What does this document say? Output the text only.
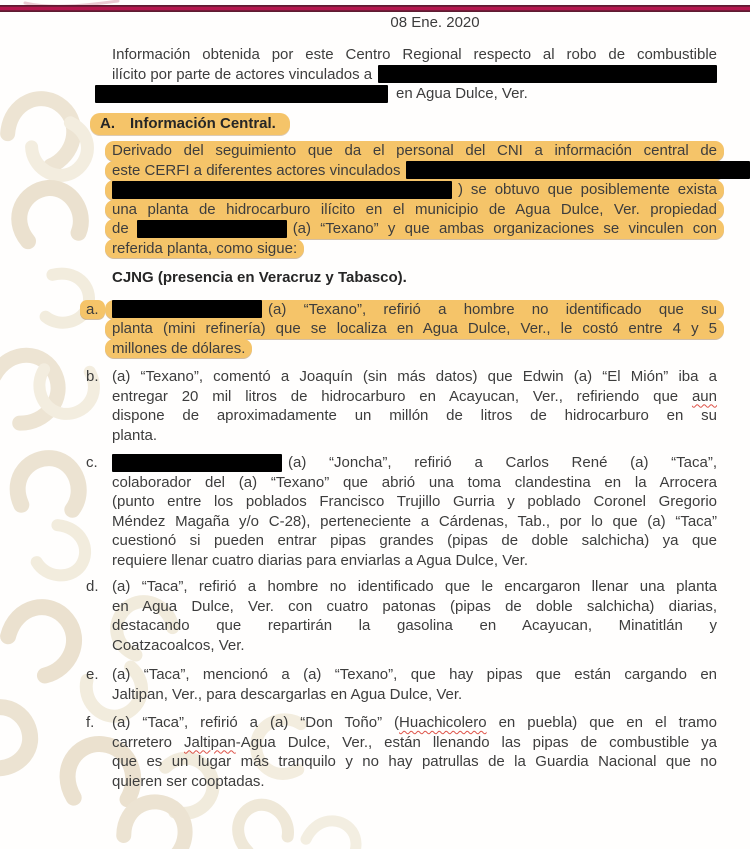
08 Ene. 2020
Información obtenida por este Centro Regional respecto al robo de combustible
ilícito por parte de actores vinculados a
en Agua Dulce, Ver.
A.	Información Central.
Derivado del seguimiento que da el personal del CNI a información central de
este CERFI a diferentes actores vinculados
) se obtuvo que posiblemente exista
una planta de hidrocarburo ilícito en el municipio de Agua Dulce, Ver. propiedad
de	(a) “Texano” y que ambas organizaciones se vinculen con
referida planta, como sigue:
CJNG (presencia en Veracruz y Tabasco).
a.	(a) “Texano”, refirió a hombre no identificado que su
planta (mini refinería) que se localiza en Agua Dulce, Ver., le costó entre 4 y 5
millones de dólares.
b. (a) “Texano”, comentó a Joaquín (sin más datos) que Edwin (a) “El Mión” iba a
entregar 20 mil litros de hidrocarburo en Acayucan, Ver., refiriendo que aun
dispone de aproximadamente un millón de litros de hidrocarburo en su
planta.
c.	(a) “Joncha”, refirió a Carlos René (a) “Taca”,
colaborador del (a) “Texano” que abrió una toma clandestina en la Arrocera
(punto entre los poblados Francisco Trujillo Gurria y poblado Coronel Gregorio
Méndez Magaña y/o C-28), perteneciente a Cárdenas, Tab., por lo que (a) “Taca”
cuestionó si pueden entrar pipas grandes (pipas de doble salchicha) ya que
requiere llenar cuatro diarias para enviarlas a Agua Dulce, Ver.
d. (a) “Taca”, refirió a hombre no identificado que le encargaron llenar una planta
en Agua Dulce, Ver. con cuatro patonas (pipas de doble salchicha) diarias,
destacando que repartirán la gasolina en Acayucan, Minatitlán y
Coatzacoalcos, Ver.
e. (a) “Taca”, mencionó a (a) “Texano”, que hay pipas que están cargando en
Jaltipan, Ver., para descargarlas en Agua Dulce, Ver.
f.	(a) “Taca”, refirió a (a) “Don Toño” (Huachicolero en puebla) que en el tramo
carretero Jaltipan-Agua Dulce, Ver., están llenando las pipas de combustible ya
que es un lugar más tranquilo y no hay patrullas de la Guardia Nacional que no
quieren ser cooptadas.
